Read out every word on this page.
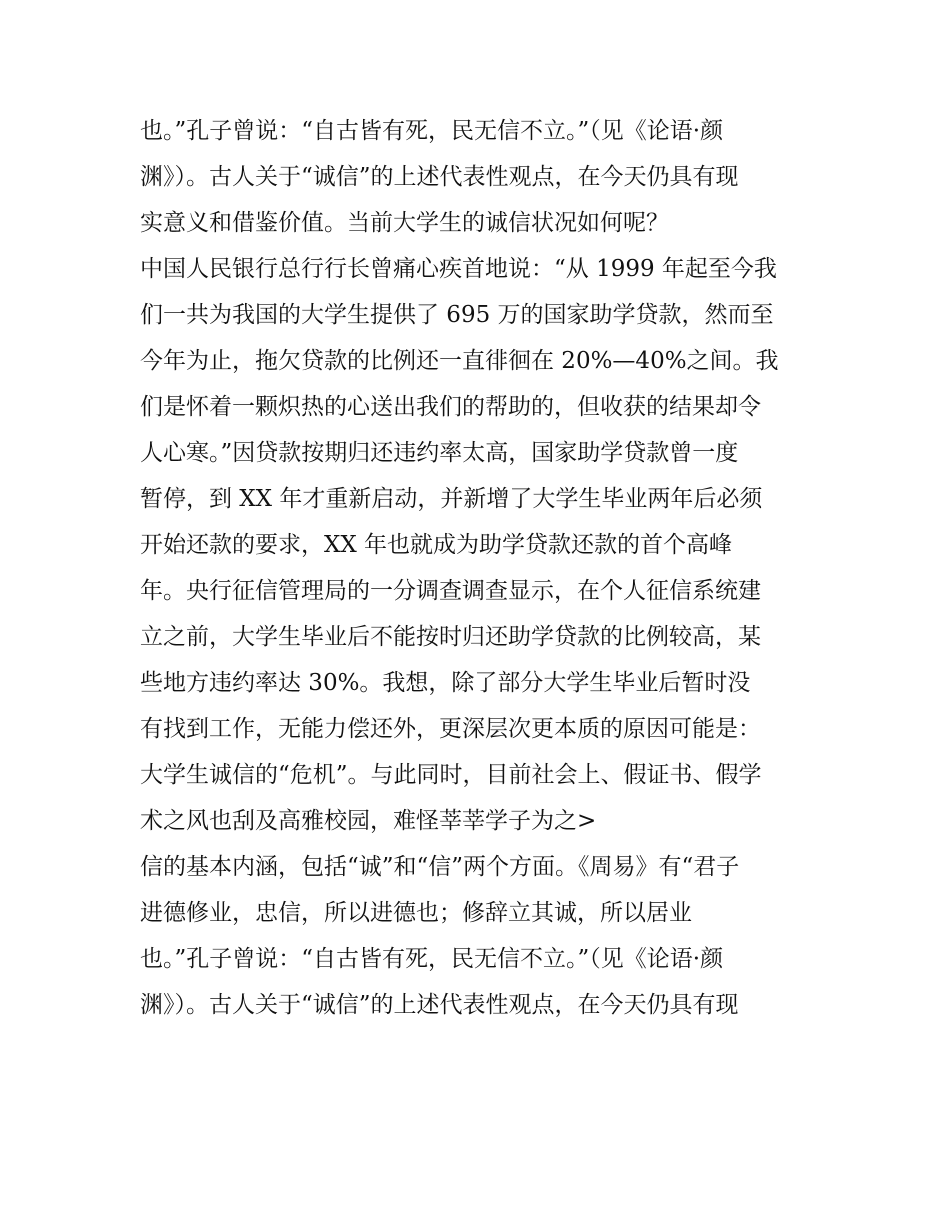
也。”孔子曾说：“自古皆有死，民无信不立。”（见《论语·颜
渊》）。古人关于“诚信”的上述代表性观点，在今天仍具有现
实意义和借鉴价值。当前大学生的诚信状况如何呢？
中国人民银行总行行长曾痛心疾首地说：“从 1999 年起至今我
们一共为我国的大学生提供了 695 万的国家助学贷款，然而至
今年为止，拖欠贷款的比例还一直徘徊在 20%—40%之间。我
们是怀着一颗炽热的心送出我们的帮助的，但收获的结果却令
人心寒。”因贷款按期归还违约率太高，国家助学贷款曾一度
暂停，到 XX 年才重新启动，并新增了大学生毕业两年后必须
开始还款的要求，XX 年也就成为助学贷款还款的首个高峰
年。央行征信管理局的一分调查调查显示，在个人征信系统建
立之前，大学生毕业后不能按时归还助学贷款的比例较高，某
些地方违约率达 30%。我想，除了部分大学生毕业后暂时没
有找到工作，无能力偿还外，更深层次更本质的原因可能是：
大学生诚信的“危机”。与此同时，目前社会上、假证书、假学
术之风也刮及高雅校园，难怪莘莘学子为之>
信的基本内涵，包括“诚”和“信”两个方面。《周易》有“君子
进德修业，忠信，所以进德也；修辞立其诚，所以居业
也。”孔子曾说：“自古皆有死，民无信不立。”（见《论语·颜
渊》）。古人关于“诚信”的上述代表性观点，在今天仍具有现
